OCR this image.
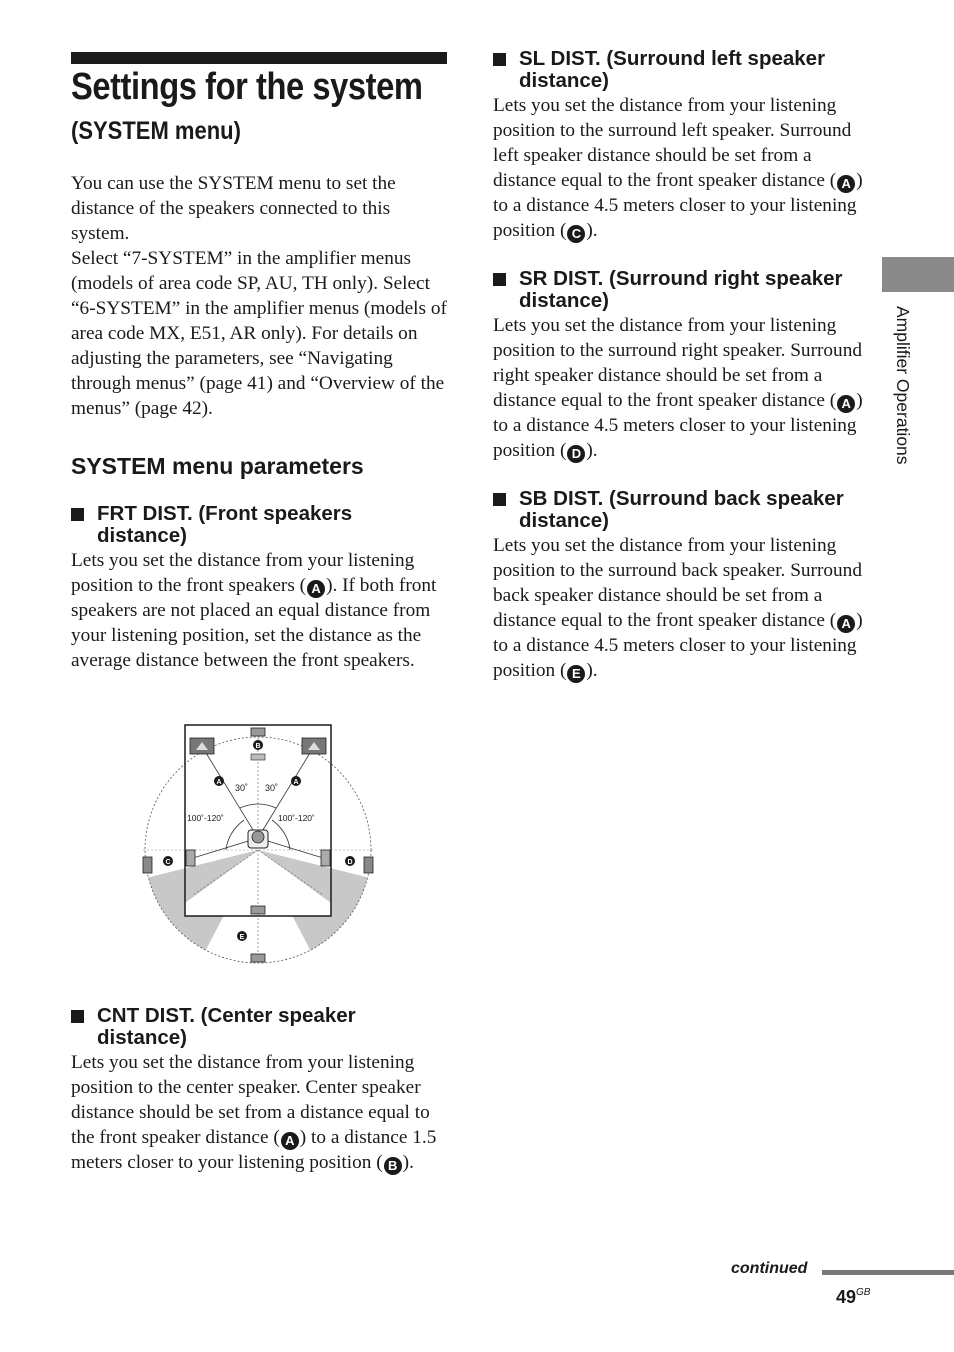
Settings for the system
(SYSTEM menu)

You can use the SYSTEM menu to set the distance of the speakers connected to this system.

Select “7-SYSTEM” in the amplifier menus (models of area code SP, AU, TH only). Select “6-SYSTEM” in the amplifier menus (models of area code MX, E51, AR only). For details on adjusting the parameters, see “Navigating through menus” (page 41) and “Overview of the menus” (page 42).

SYSTEM menu parameters
FRT DIST. (Front speakers distance)

Lets you set the distance from your listening position to the front speakers ( A ). If both front speakers are not placed an equal distance from your listening position, set the distance as the average distance between the front speakers.

30˚ 30˚
100˚-120˚	100˚-120˚
A	A
B
C	D
E
CNT DIST. (Center speaker distance)

Lets you set the distance from your listening position to the center speaker. Center speaker distance should be set from a distance equal to the front speaker distance ( A ) to a distance 1.5 meters closer to your listening position ( B ).

SL DIST. (Surround left speaker distance)

Lets you set the distance from your listening position to the surround left speaker. Surround left speaker distance should be set from a distance equal to the front speaker distance ( A ) to a distance 4.5 meters closer to your listening position ( C ).

SR DIST. (Surround right speaker distance)

Lets you set the distance from your listening position to the surround right speaker. Surround right speaker distance should be set from a distance equal to the front speaker distance ( A ) to a distance 4.5 meters closer to your listening position ( D ).

SB DIST. (Surround back speaker distance)

Lets you set the distance from your listening position to the surround back speaker. Surround back speaker distance should be set from a distance equal to the front speaker distance ( A ) to a distance 4.5 meters closer to your listening position ( E ).

Amplifier Operations
continued
$49^{GB}$
